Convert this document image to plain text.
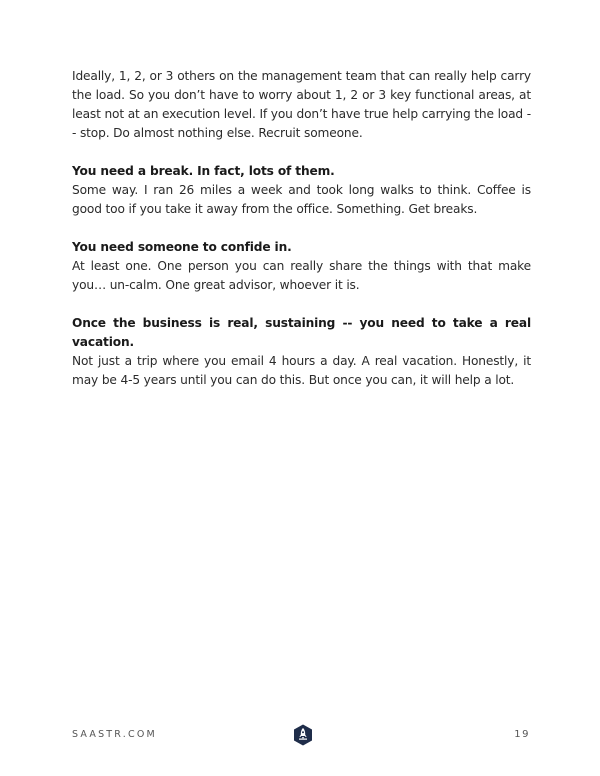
Ideally, 1, 2, or 3 others on the management team that can really help carry the load. So you don’t have to worry about 1, 2 or 3 key functional areas, at least not at an execution level. If you don’t have true help carrying the load -- stop. Do almost nothing else. Recruit someone.

You need a break. In fact, lots of them.
Some way. I ran 26 miles a week and took long walks to think. Coffee is good too if you take it away from the office. Something. Get breaks.

You need someone to confide in.
At least one. One person you can really share the things with that make you… un-calm. One great advisor, whoever it is.

Once the business is real, sustaining -- you need to take a real vacation.
Not just a trip where you email 4 hours a day. A real vacation. Honestly, it may be 4-5 years until you can do this. But once you can, it will help a lot.

SAASTR.COM	19
